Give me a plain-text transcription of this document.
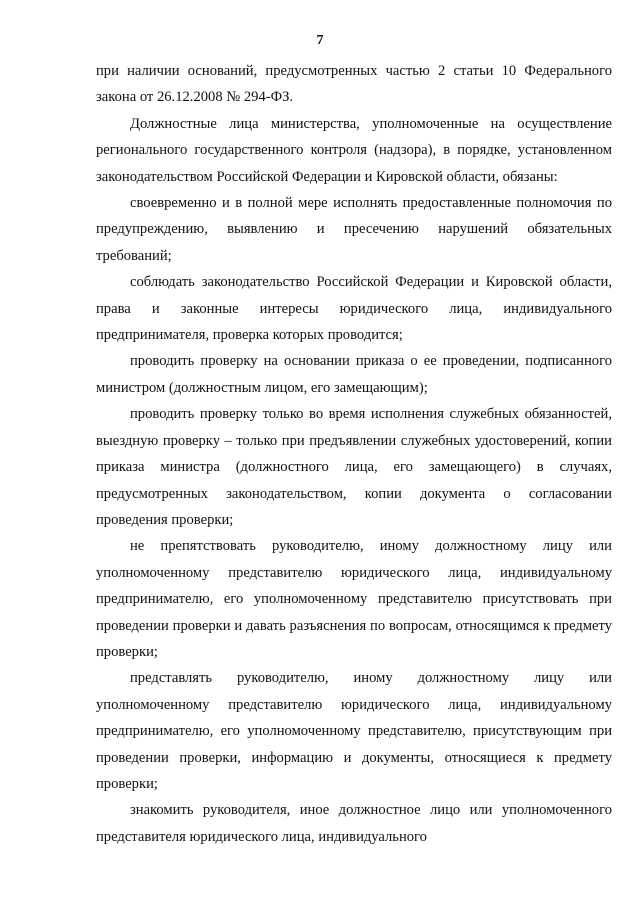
7

при наличии оснований, предусмотренных частью 2 статьи 10 Федерального закона от 26.12.2008 № 294-ФЗ.

Должностные лица министерства, уполномоченные на осуществление регионального государственного контроля (надзора), в порядке, установленном законодательством Российской Федерации и Кировской области, обязаны:

своевременно и в полной мере исполнять предоставленные полномочия по предупреждению, выявлению и пресечению нарушений обязательных требований;

соблюдать законодательство Российской Федерации и Кировской области, права и законные интересы юридического лица, индивидуального предпринимателя, проверка которых проводится;

проводить проверку на основании приказа о ее проведении, подписанного министром (должностным лицом, его замещающим);

проводить проверку только во время исполнения служебных обязанностей, выездную проверку – только при предъявлении служебных удостоверений, копии приказа министра (должностного лица, его замещающего) в случаях, предусмотренных законодательством, копии документа о согласовании проведения проверки;

не препятствовать руководителю, иному должностному лицу или уполномоченному представителю юридического лица, индивидуальному предпринимателю, его уполномоченному представителю присутствовать при проведении проверки и давать разъяснения по вопросам, относящимся к предмету проверки;

представлять руководителю, иному должностному лицу или уполномоченному представителю юридического лица, индивидуальному предпринимателю, его уполномоченному представителю, присутствующим при проведении проверки, информацию и документы, относящиеся к предмету проверки;

знакомить руководителя, иное должностное лицо или уполномоченного представителя юридического лица, индивидуального
